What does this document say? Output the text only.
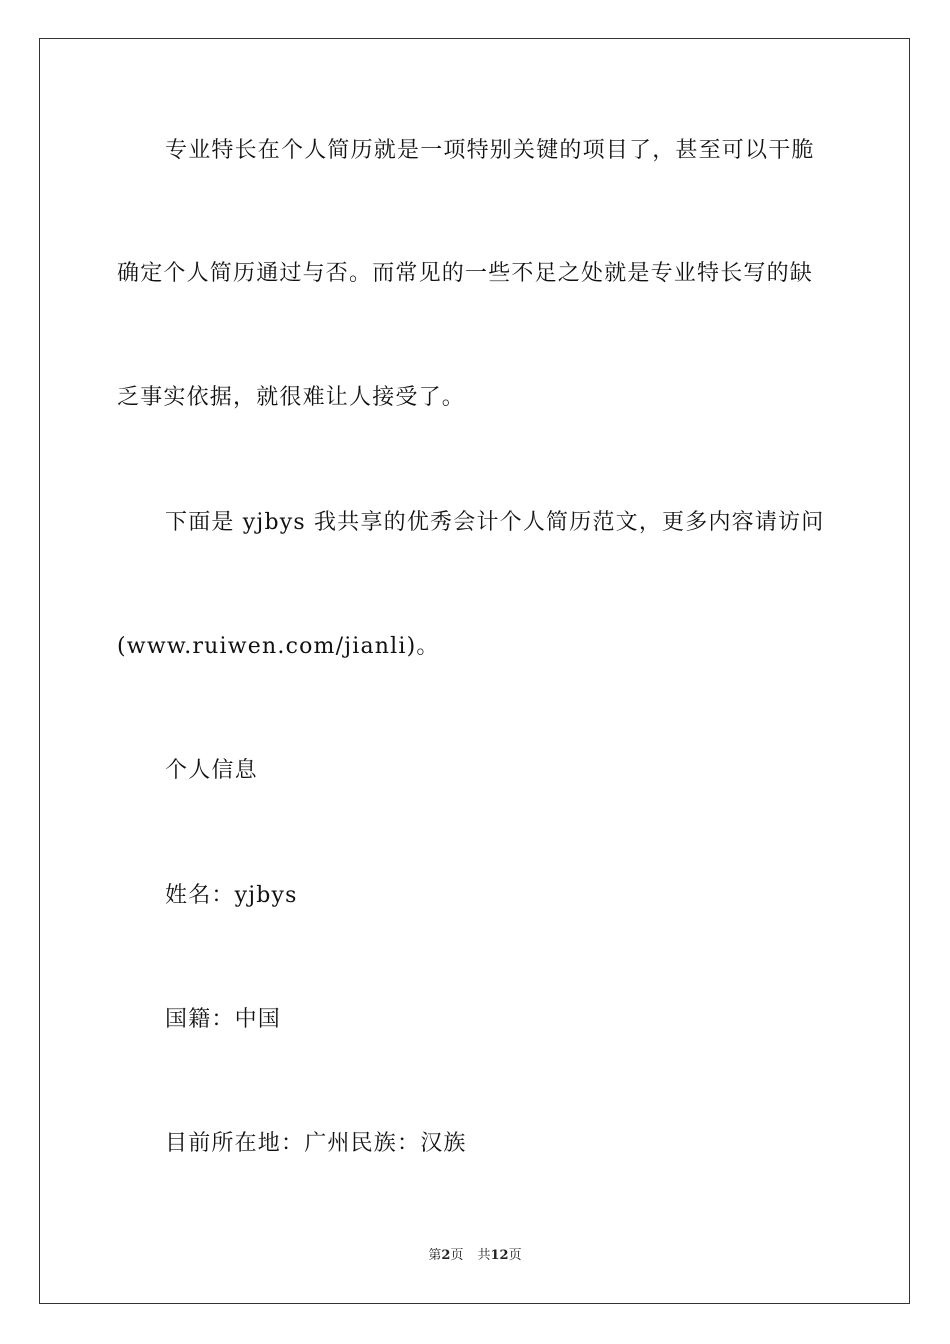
专业特长在个人简历就是一项特别关键的项目了，甚至可以干脆

确定个人简历通过与否。而常见的一些不足之处就是专业特长写的缺

乏事实依据，就很难让人接受了。

下面是 yjbys 我共享的优秀会计个人简历范文，更多内容请访问

(www.ruiwen.com/jianli)。

个人信息

姓名：yjbys

国籍：中国

目前所在地：广州民族：汉族

第2页 共12页
